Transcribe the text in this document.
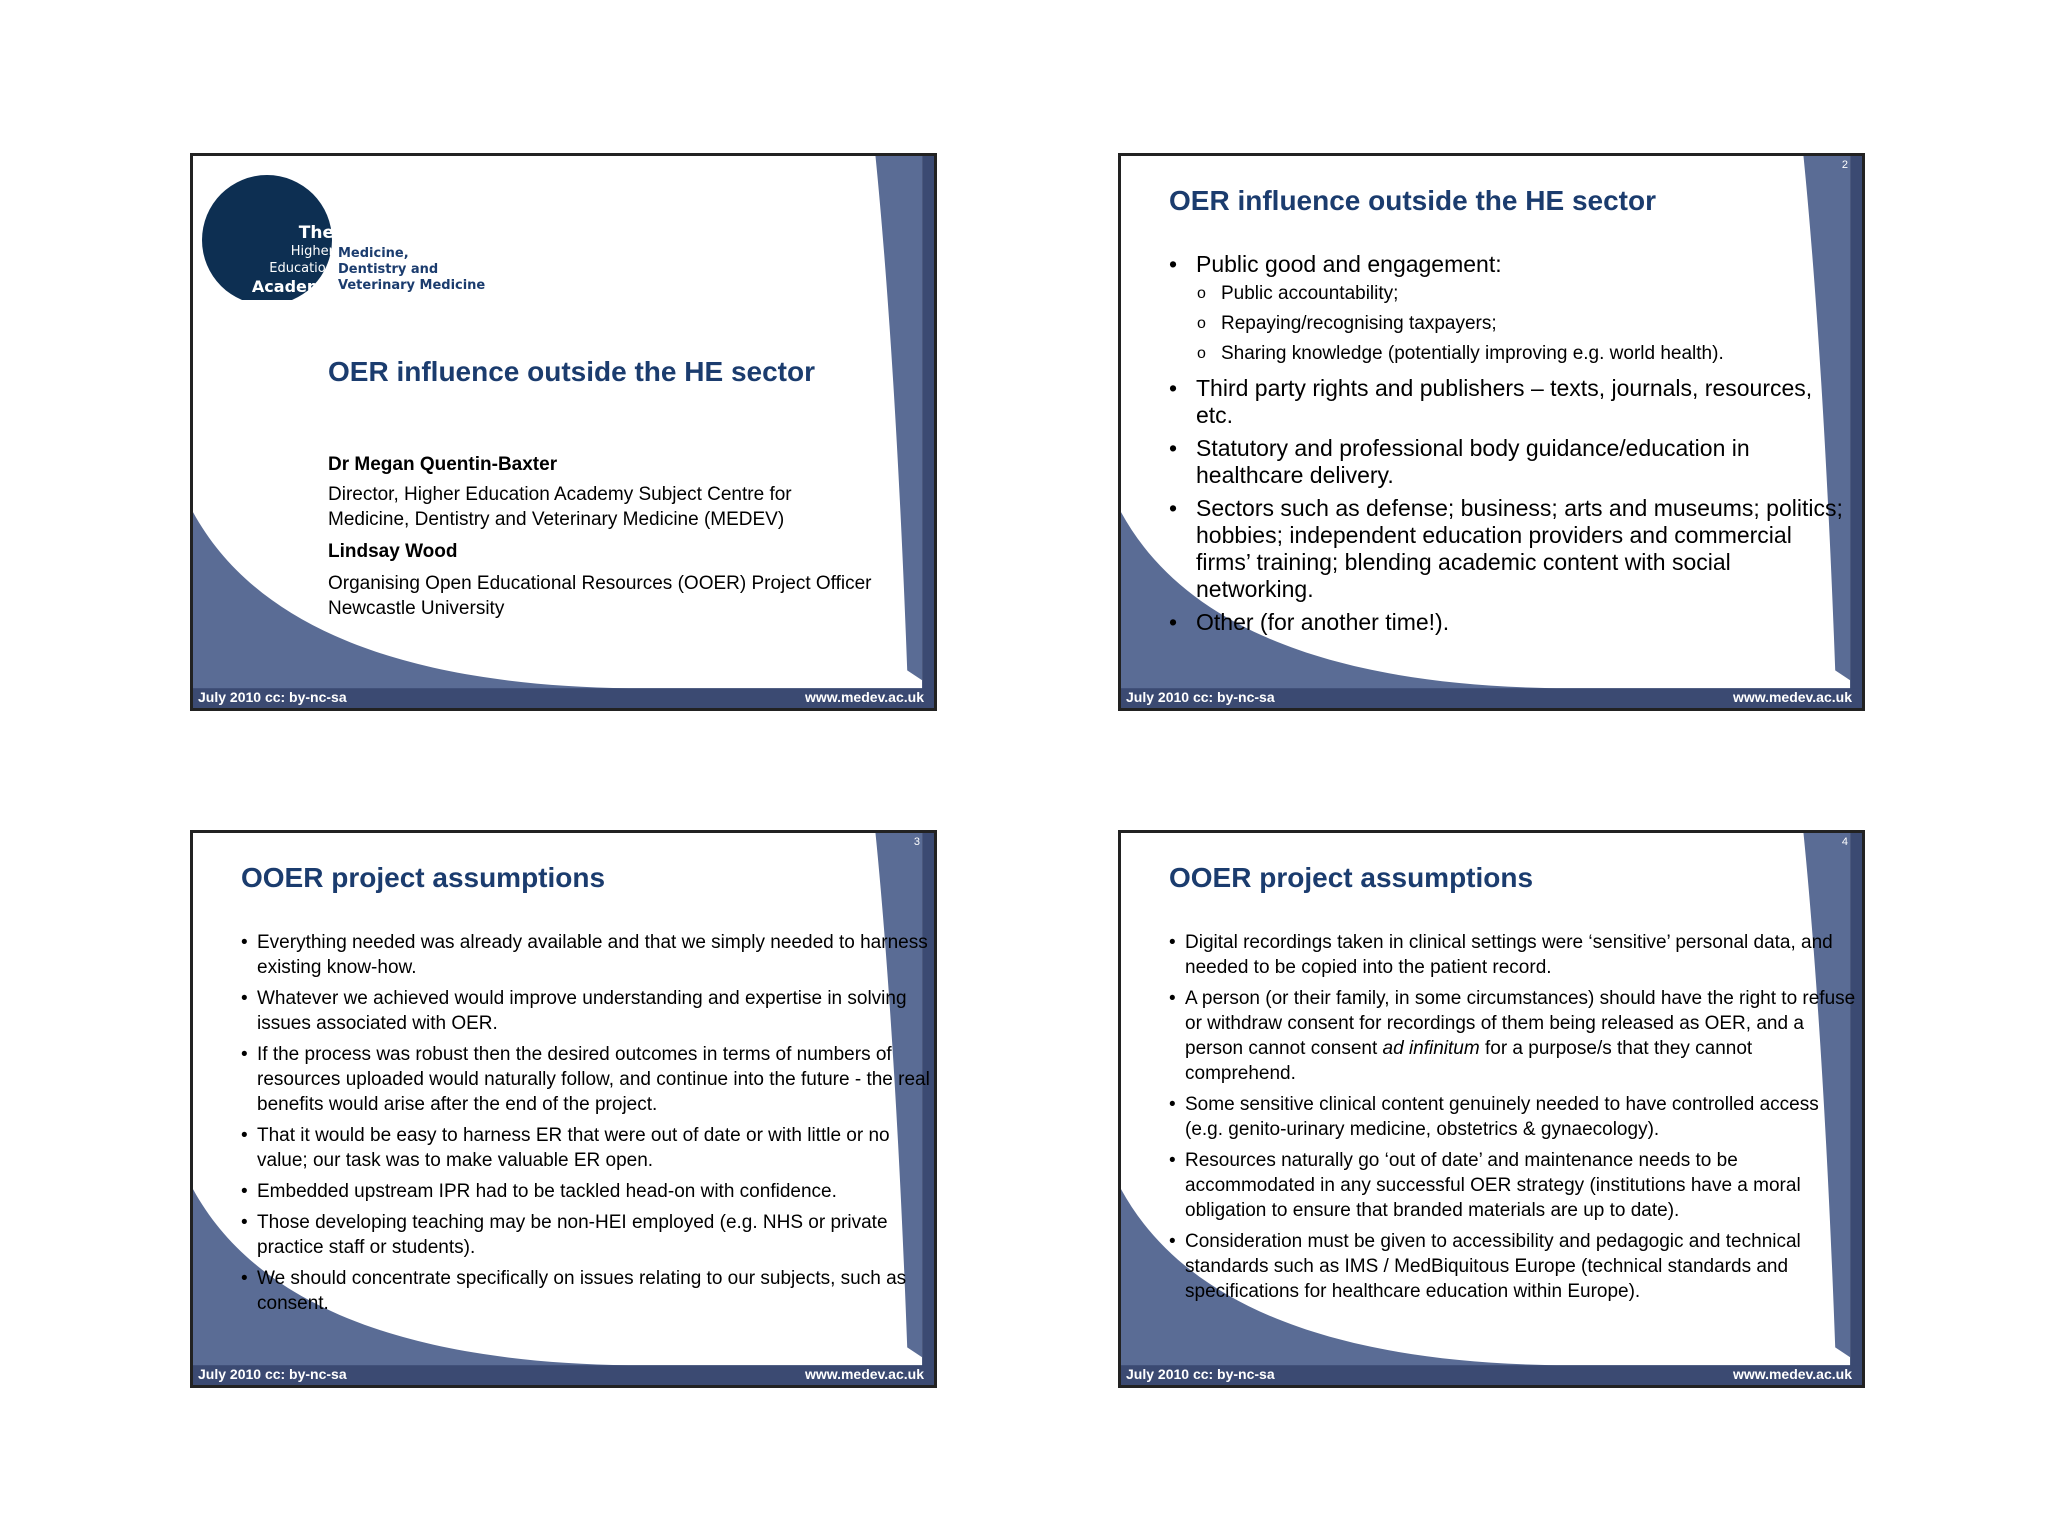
The
Higher
Education
Academy
Medicine,
Dentistry and
Veterinary Medicine
OER influence outside the HE sector
Dr Megan Quentin-Baxter
Director, Higher Education Academy Subject Centre for
Medicine, Dentistry and Veterinary Medicine (MEDEV)
Lindsay Wood
Organising Open Educational Resources (OOER) Project Officer
Newcastle University
July 2010 cc: by-nc-sa	www.medev.ac.uk
2
OER influence outside the HE sector
• Public good and engagement:
o Public accountability;
o Repaying/recognising taxpayers;
o Sharing knowledge (potentially improving e.g. world health).
• Third party rights and publishers – texts, journals, resources, etc.
• Statutory and professional body guidance/education in healthcare delivery.
• Sectors such as defense; business; arts and museums; politics; hobbies; independent education providers and commercial firms’ training; blending academic content with social networking.
• Other (for another time!).
July 2010 cc: by-nc-sa	www.medev.ac.uk
3
OOER project assumptions
• Everything needed was already available and that we simply needed to harness existing know-how.
• Whatever we achieved would improve understanding and expertise in solving issues associated with OER.
• If the process was robust then the desired outcomes in terms of numbers of resources uploaded would naturally follow, and continue into the future - the real benefits would arise after the end of the project.
• That it would be easy to harness ER that were out of date or with little or no value; our task was to make valuable ER open.
• Embedded upstream IPR had to be tackled head-on with confidence.
• Those developing teaching may be non-HEI employed (e.g. NHS or private practice staff or students).
• We should concentrate specifically on issues relating to our subjects, such as consent.
July 2010 cc: by-nc-sa	www.medev.ac.uk
4
OOER project assumptions
• Digital recordings taken in clinical settings were ‘sensitive’ personal data, and needed to be copied into the patient record.
• A person (or their family, in some circumstances) should have the right to refuse or withdraw consent for recordings of them being released as OER, and a person cannot consent ad infinitum for a purpose/s that they cannot comprehend.
• Some sensitive clinical content genuinely needed to have controlled access (e.g. genito-urinary medicine, obstetrics & gynaecology).
• Resources naturally go ‘out of date’ and maintenance needs to be accommodated in any successful OER strategy (institutions have a moral obligation to ensure that branded materials are up to date).
• Consideration must be given to accessibility and pedagogic and technical standards such as IMS / MedBiquitous Europe (technical standards and specifications for healthcare education within Europe).
July 2010 cc: by-nc-sa	www.medev.ac.uk
